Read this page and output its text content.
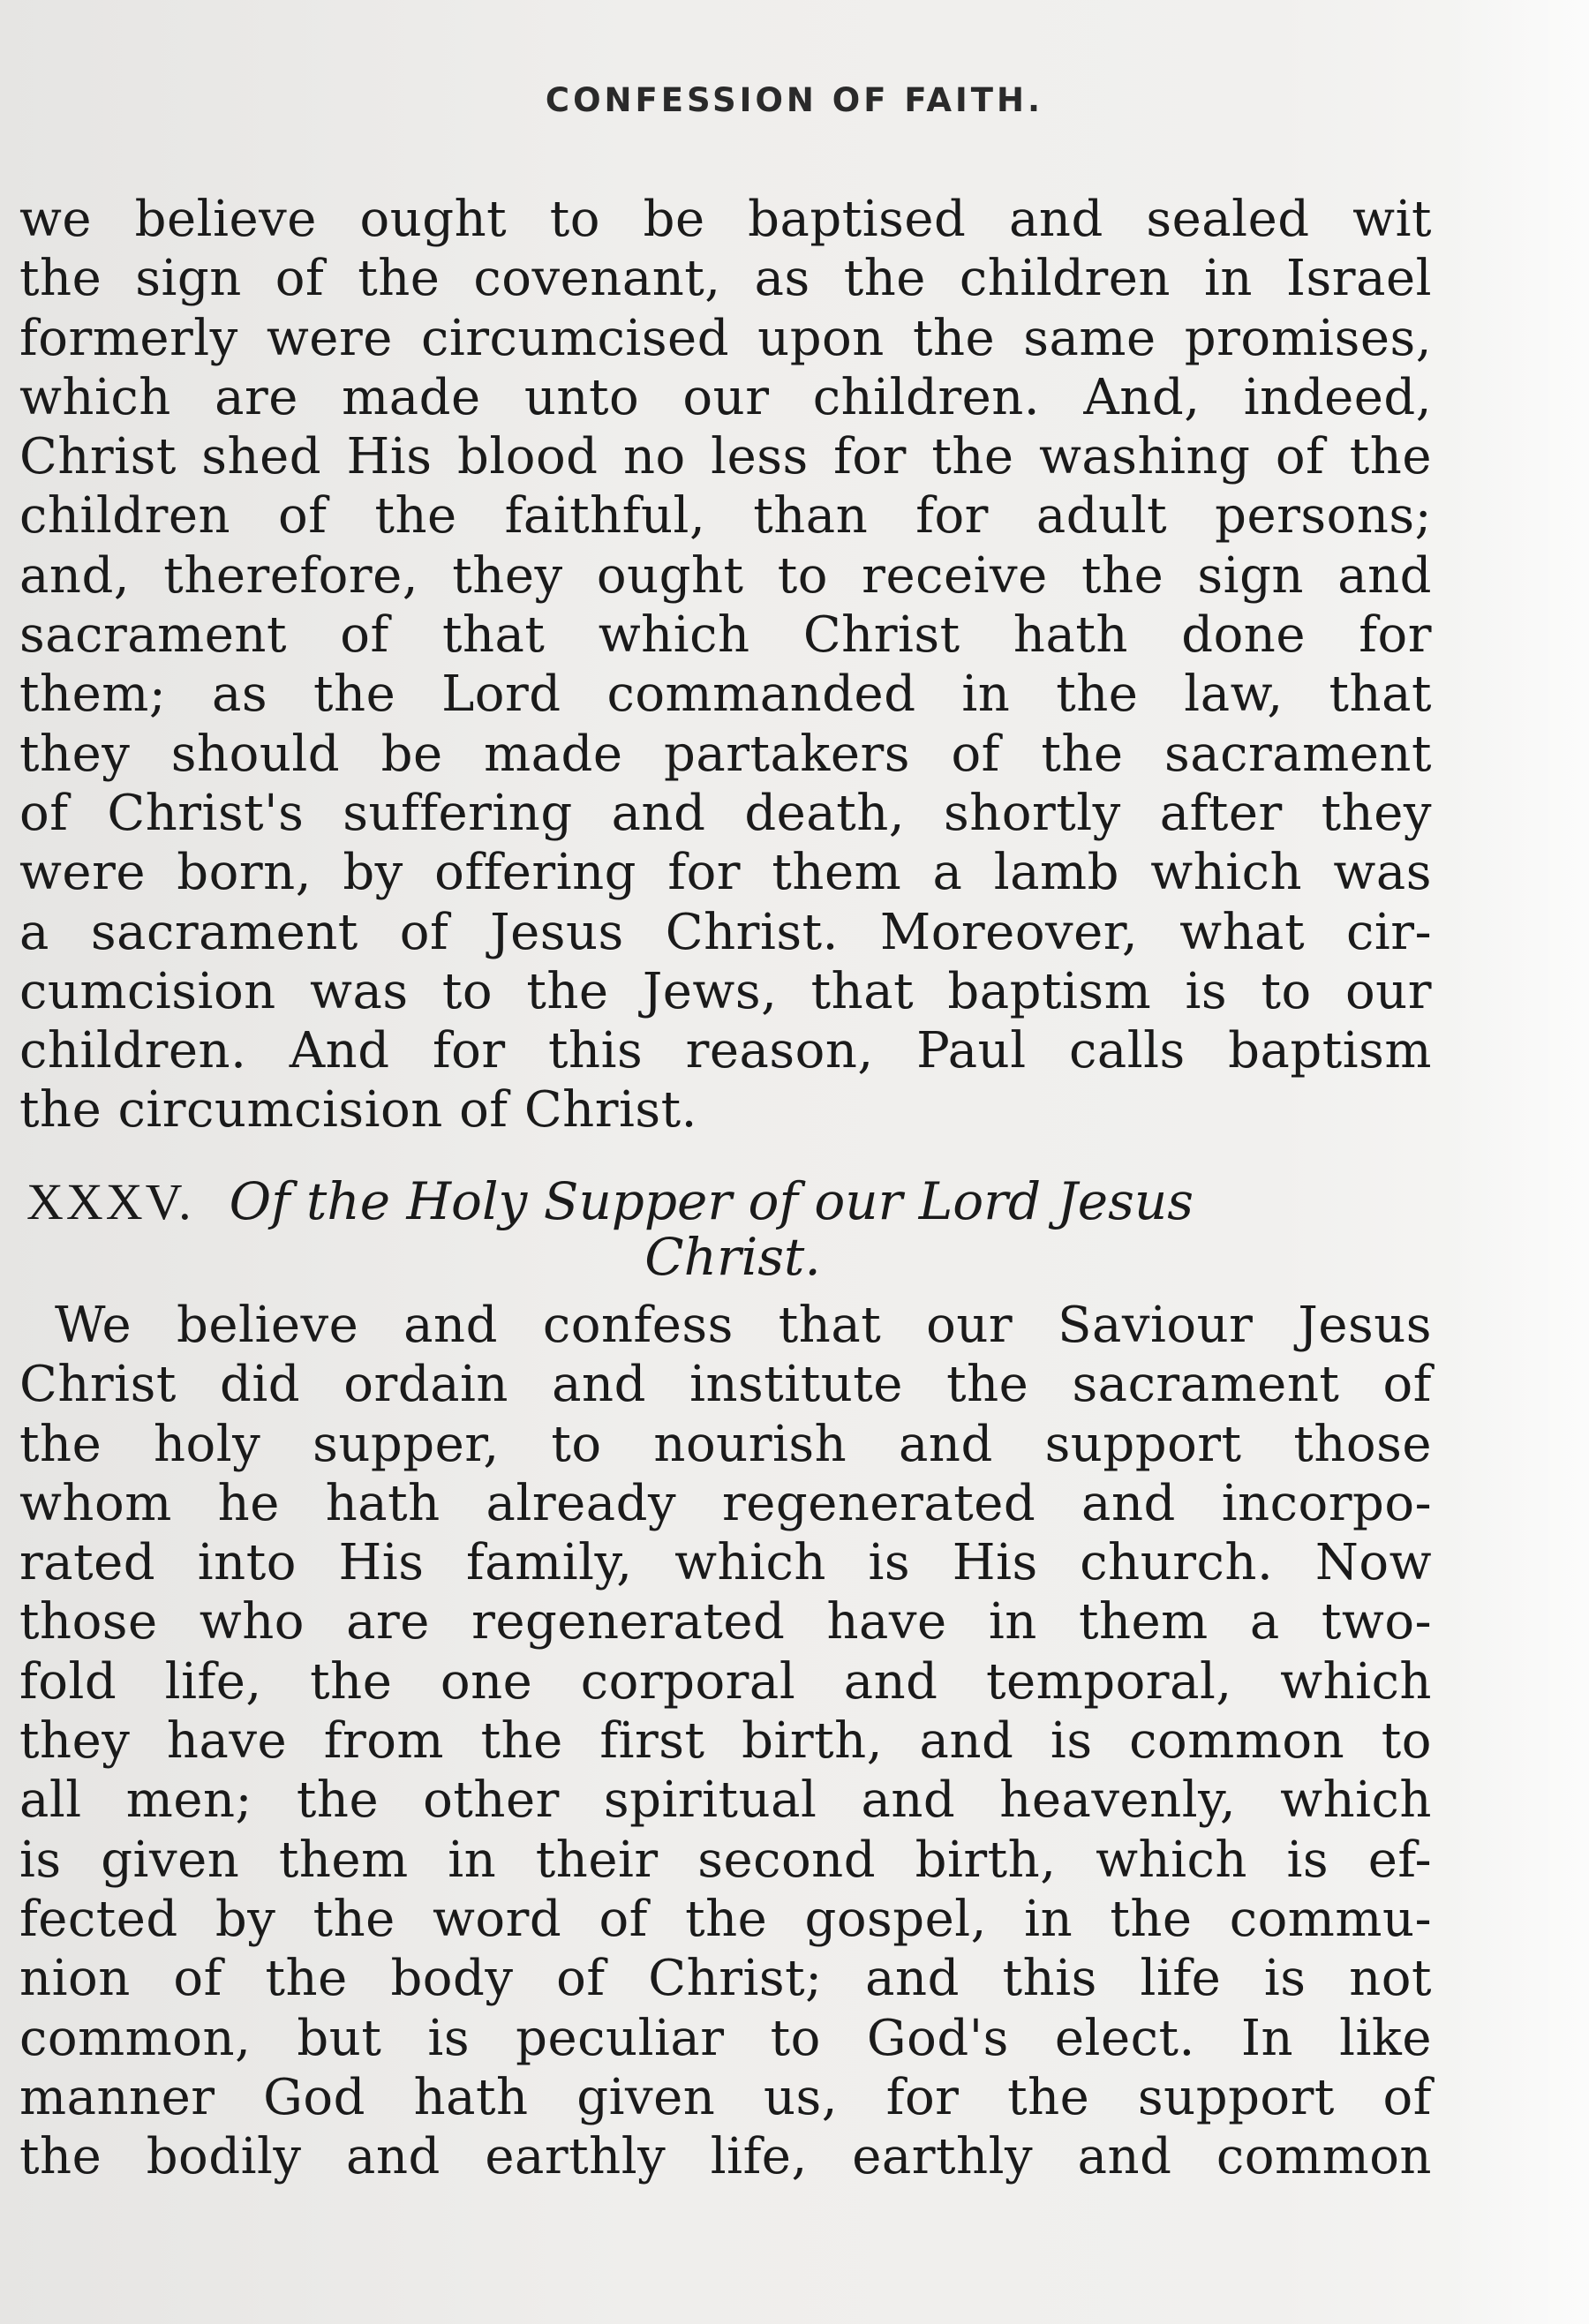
CONFESSION OF FAITH.
we believe ought to be baptised and sealed wit
the sign of the covenant, as the children in Israel
formerly were circumcised upon the same promises,
which are made unto our children. And, indeed,
Christ shed His blood no less for the washing of the
children of the faithful, than for adult persons;
and, therefore, they ought to receive the sign and
sacrament of that which Christ hath done for
them; as the Lord commanded in the law, that
they should be made partakers of the sacrament
of Christ's suffering and death, shortly after they
were born, by offering for them a lamb which was
a sacrament of Jesus Christ. Moreover, what cir-
cumcision was to the Jews, that baptism is to our
children. And for this reason, Paul calls baptism
the circumcision of Christ.
XXXV. Of the Holy Supper of our Lord Jesus
Christ.
We believe and confess that our Saviour Jesus
Christ did ordain and institute the sacrament of
the holy supper, to nourish and support those
whom he hath already regenerated and incorpo-
rated into His family, which is His church. Now
those who are regenerated have in them a two-
fold life, the one corporal and temporal, which
they have from the first birth, and is common to
all men; the other spiritual and heavenly, which
is given them in their second birth, which is ef-
fected by the word of the gospel, in the commu-
nion of the body of Christ; and this life is not
common, but is peculiar to God's elect. In like
manner God hath given us, for the support of
the bodily and earthly life, earthly and common
